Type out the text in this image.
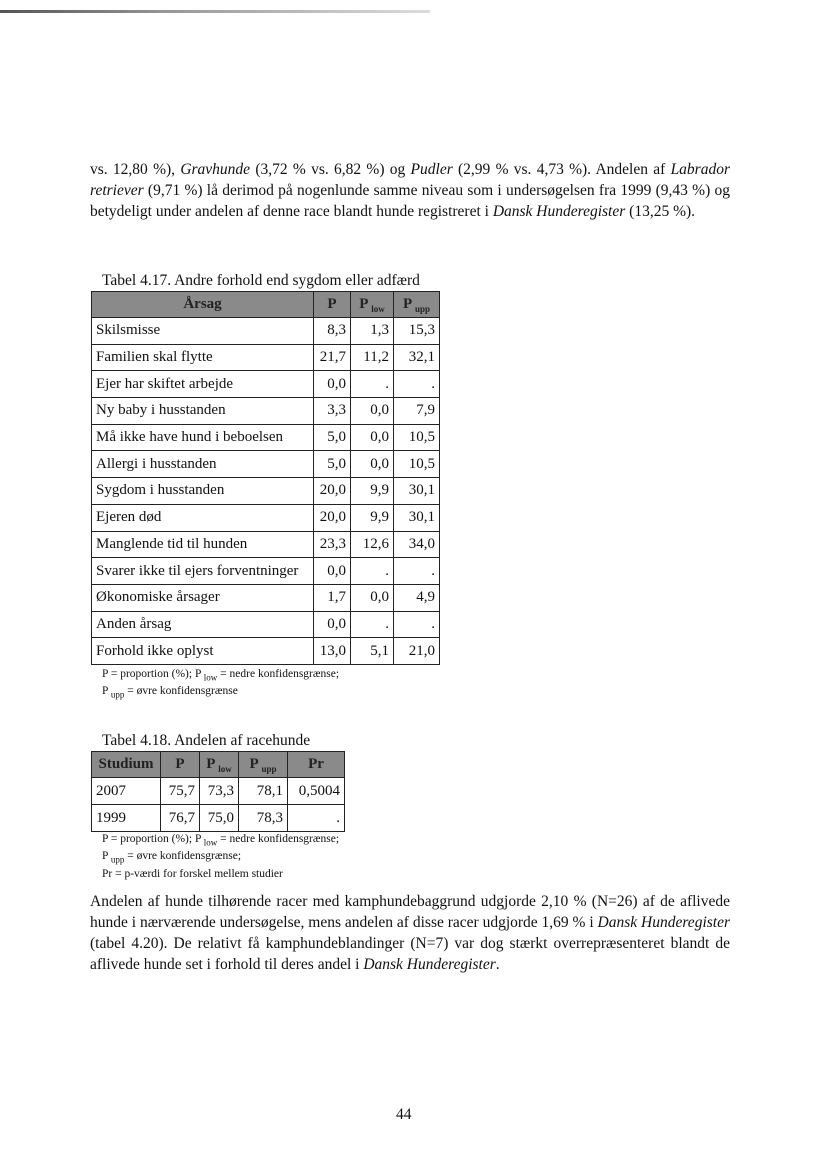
vs. 12,80 %), Gravhunde (3,72 % vs. 6,82 %) og Pudler (2,99 % vs. 4,73 %). Andelen af Labrador retriever (9,71 %) lå derimod på nogenlunde samme niveau som i undersøgelsen fra 1999 (9,43 %) og betydeligt under andelen af denne race blandt hunde registreret i Dansk Hunderegister (13,25 %).

Tabel 4.17. Andre forhold end sygdom eller adfærd

Årsag	P	P $_{low}$	P $_{upp}$
Skilsmisse	8,3	1,3	15,3
Familien skal flytte	21,7	11,2	32,1
Ejer har skiftet arbejde	0,0	.	.
Ny baby i husstanden	3,3	0,0	7,9
Må ikke have hund i beboelsen	5,0	0,0	10,5
Allergi i husstanden	5,0	0,0	10,5
Sygdom i husstanden	20,0	9,9	30,1
Ejeren død	20,0	9,9	30,1
Manglende tid til hunden	23,3	12,6	34,0
Svarer ikke til ejers forventninger	0,0	.	.
Økonomiske årsager	1,7	0,0	4,9
Anden årsag	0,0	.	.
Forhold ikke oplyst	13,0	5,1	21,0

P = proportion (%); P $_{low}$ = nedre konfidensgrænse;
P $_{upp}$ = øvre konfidensgrænse

Tabel 4.18. Andelen af racehunde

Studium	P	P $_{low}$	P $_{upp}$	Pr
2007	75,7	73,3	78,1	0,5004
1999	76,7	75,0	78,3	.

P = proportion (%); P $_{low}$ = nedre konfidensgrænse;
P $_{upp}$ = øvre konfidensgrænse;
Pr = p-værdi for forskel mellem studier

Andelen af hunde tilhørende racer med kamphundebaggrund udgjorde 2,10 % (N=26) af de aflivede hunde i nærværende undersøgelse, mens andelen af disse racer udgjorde 1,69 % i Dansk Hunderegister (tabel 4.20). De relativt få kamphundeblandinger (N=7) var dog stærkt overrepræsenteret blandt de aflivede hunde set i forhold til deres andel i Dansk Hunderegister.

44
